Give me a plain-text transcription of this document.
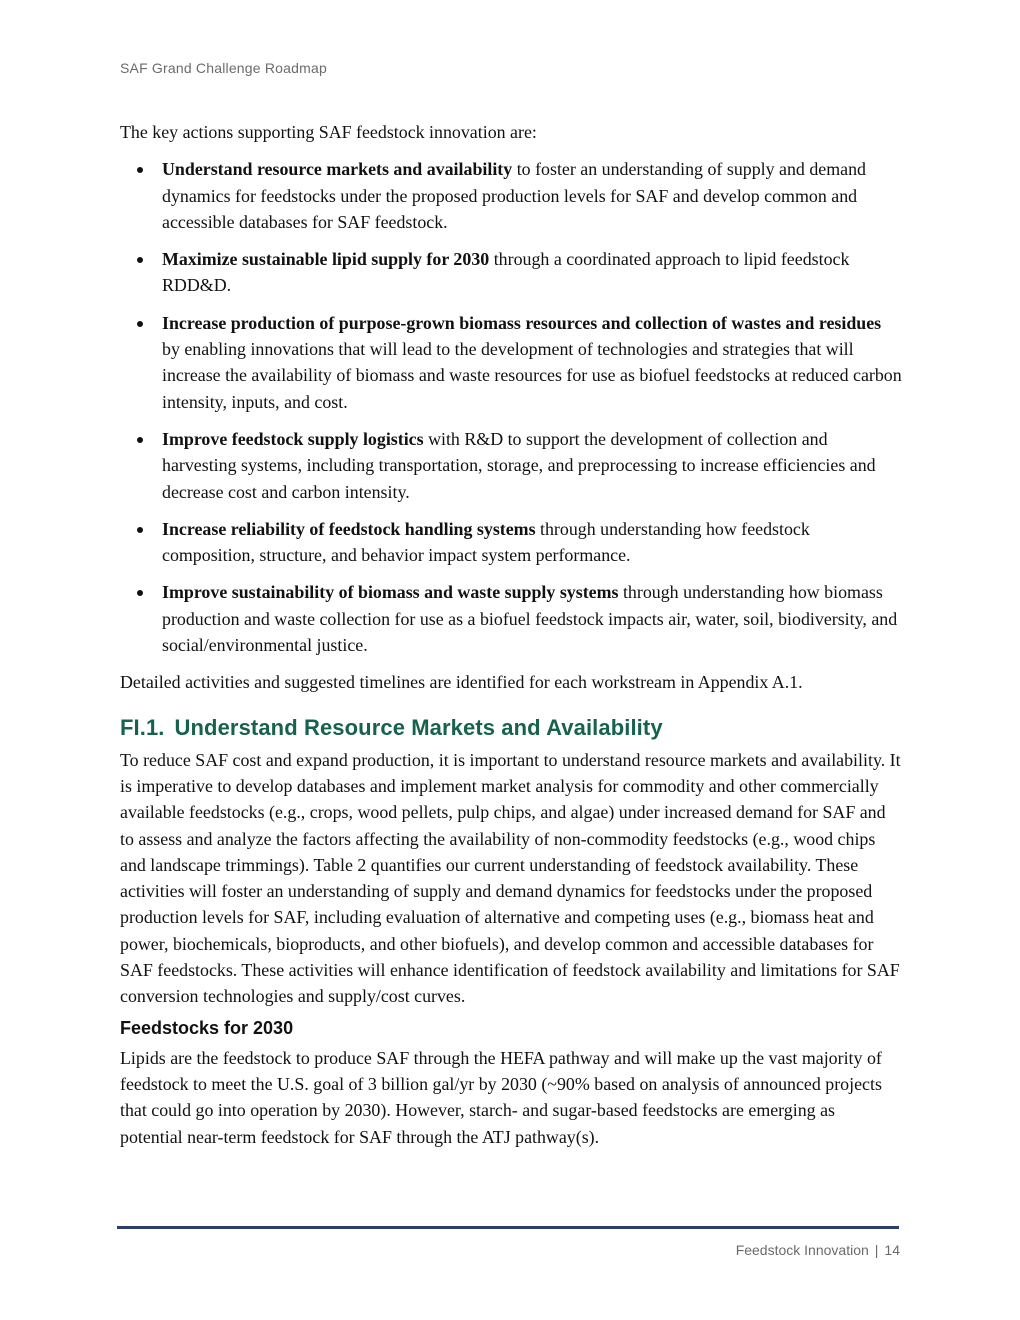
SAF Grand Challenge Roadmap

The key actions supporting SAF feedstock innovation are:

Understand resource markets and availability to foster an understanding of supply and demand dynamics for feedstocks under the proposed production levels for SAF and develop common and accessible databases for SAF feedstock.
Maximize sustainable lipid supply for 2030 through a coordinated approach to lipid feedstock RDD&D.
Increase production of purpose-grown biomass resources and collection of wastes and residues by enabling innovations that will lead to the development of technologies and strategies that will increase the availability of biomass and waste resources for use as biofuel feedstocks at reduced carbon intensity, inputs, and cost.
Improve feedstock supply logistics with R&D to support the development of collection and harvesting systems, including transportation, storage, and preprocessing to increase efficiencies and decrease cost and carbon intensity.
Increase reliability of feedstock handling systems through understanding how feedstock composition, structure, and behavior impact system performance.
Improve sustainability of biomass and waste supply systems through understanding how biomass production and waste collection for use as a biofuel feedstock impacts air, water, soil, biodiversity, and social/environmental justice.

Detailed activities and suggested timelines are identified for each workstream in Appendix A.1.

FI.1. Understand Resource Markets and Availability

To reduce SAF cost and expand production, it is important to understand resource markets and availability. It is imperative to develop databases and implement market analysis for commodity and other commercially available feedstocks (e.g., crops, wood pellets, pulp chips, and algae) under increased demand for SAF and to assess and analyze the factors affecting the availability of non-commodity feedstocks (e.g., wood chips and landscape trimmings). Table 2 quantifies our current understanding of feedstock availability. These activities will foster an understanding of supply and demand dynamics for feedstocks under the proposed production levels for SAF, including evaluation of alternative and competing uses (e.g., biomass heat and power, biochemicals, bioproducts, and other biofuels), and develop common and accessible databases for SAF feedstocks. These activities will enhance identification of feedstock availability and limitations for SAF conversion technologies and supply/cost curves.

Feedstocks for 2030

Lipids are the feedstock to produce SAF through the HEFA pathway and will make up the vast majority of feedstock to meet the U.S. goal of 3 billion gal/yr by 2030 (~90% based on analysis of announced projects that could go into operation by 2030). However, starch- and sugar-based feedstocks are emerging as potential near-term feedstock for SAF through the ATJ pathway(s).

Feedstock Innovation | 14
